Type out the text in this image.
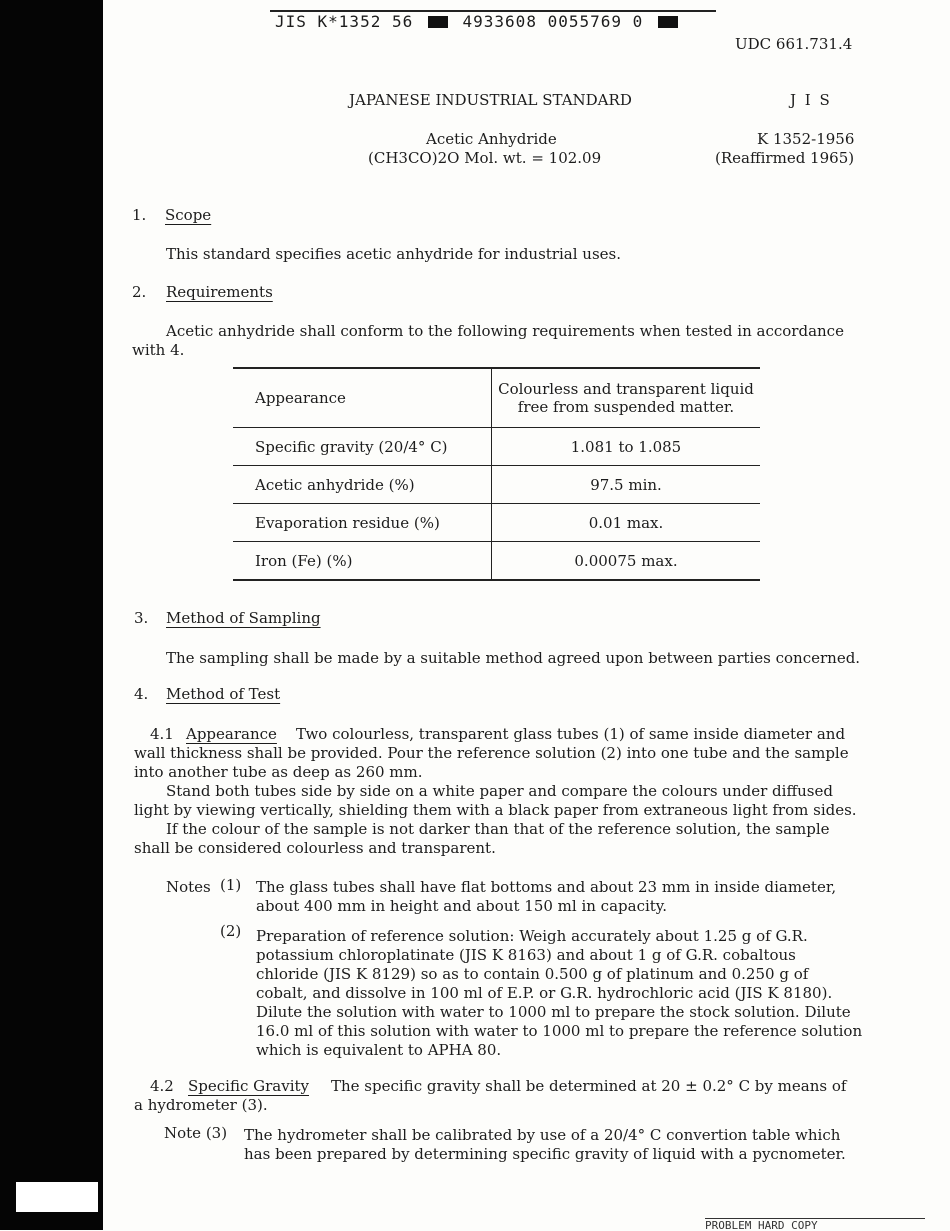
JIS K*1352 56	4933608 0055769 0
UDC 661.731.4
JAPANESE INDUSTRIAL STANDARD	J I S
Acetic Anhydride	K 1352-1956
(CH3CO)2O Mol. wt. = 102.09	(Reaffirmed 1965)
1. Scope
This standard specifies acetic anhydride for industrial uses.
2. Requirements
Acetic anhydride shall conform to the following requirements when tested in accordance
with 4.
Appearance	Colourless and transparent liquid
free from suspended matter.

Specific gravity (20/4° C)	1.081 to 1.085
Acetic anhydride (%)	97.5 min.
Evaporation residue (%)	0.01 max.
Iron (Fe) (%)	0.00075 max.
3. Method of Sampling
The sampling shall be made by a suitable method agreed upon between parties concerned.
4. Method of Test
4.1 Appearance Two colourless, transparent glass tubes (1) of same inside diameter and
wall thickness shall be provided. Pour the reference solution (2) into one tube and the sample
into another tube as deep as 260 mm.
Stand both tubes side by side on a white paper and compare the colours under diffused
light by viewing vertically, shielding them with a black paper from extraneous light from sides.
If the colour of the sample is not darker than that of the reference solution, the sample
shall be considered colourless and transparent.
Notes (1) The glass tubes shall have flat bottoms and about 23 mm in inside diameter,
about 400 mm in height and about 150 ml in capacity.
(2) Preparation of reference solution: Weigh accurately about 1.25 g of G.R.
potassium chloroplatinate (JIS K 8163) and about 1 g of G.R. cobaltous
chloride (JIS K 8129) so as to contain 0.500 g of platinum and 0.250 g of
cobalt, and dissolve in 100 ml of E.P. or G.R. hydrochloric acid (JIS K 8180).
Dilute the solution with water to 1000 ml to prepare the stock solution. Dilute
16.0 ml of this solution with water to 1000 ml to prepare the reference solution
which is equivalent to APHA 80.
4.2 Specific Gravity The specific gravity shall be determined at 20 ± 0.2° C by means of
a hydrometer (3).
Note (3) The hydrometer shall be calibrated by use of a 20/4° C convertion table which
has been prepared by determining specific gravity of liquid with a pycnometer.
PROBLEM HARD COPY
